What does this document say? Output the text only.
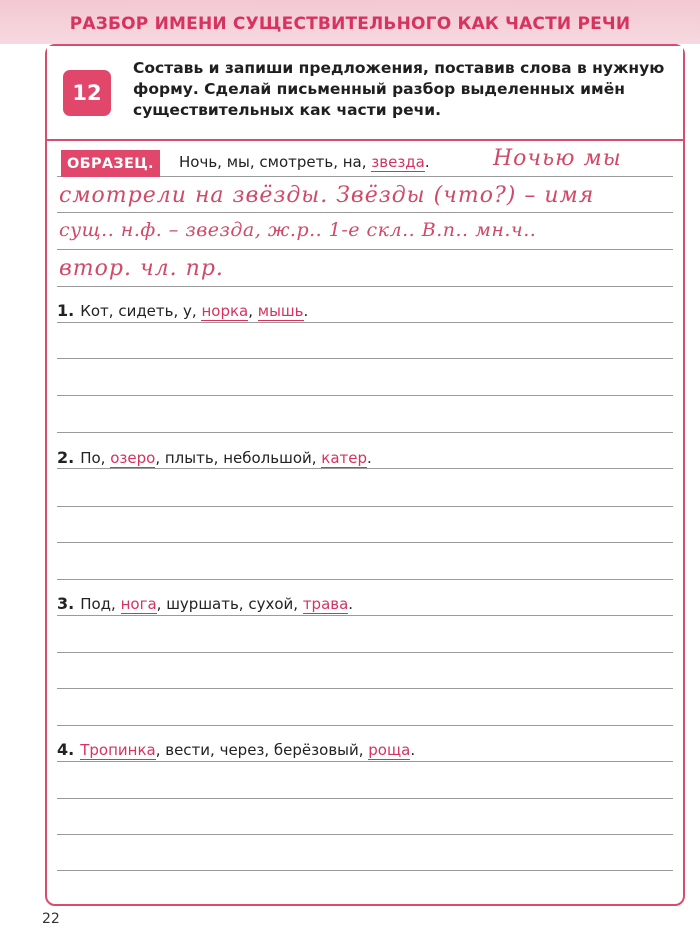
РАЗБОР ИМЕНИ СУЩЕСТВИТЕЛЬНОГО КАК ЧАСТИ РЕЧИ
12
Составь и запиши предложения, поставив слова в нужную
форму. Сделай письменный разбор выделенных имён
существительных как части речи.
ОБРАЗЕЦ.	Ночь, мы, смотреть, на, звезда.	Ночью мы
смотрели на звёзды. Звёзды (что?) – имя
сущ.. н.ф. – звезда, ж.р.. 1-е скл.. В.п.. мн.ч..
втор. чл. пр.
1. Кот, сидеть, у, норка, мышь.
2. По, озеро, плыть, небольшой, катер.
3. Под, нога, шуршать, сухой, трава.
4. Тропинка, вести, через, берёзовый, роща.
22
